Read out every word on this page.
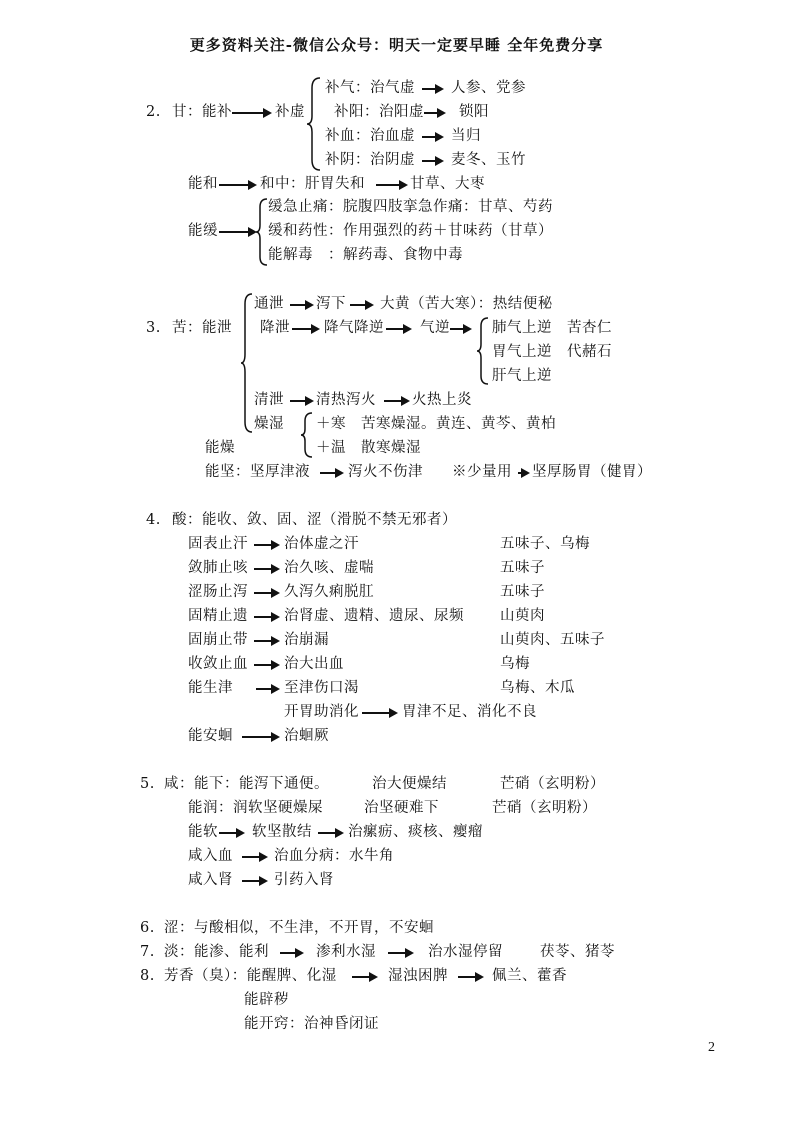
更多资料关注-微信公众号：明天一定要早睡 全年免费分享
2. 甘：能补	补虚
补气：治气虚 人参、党参
补阳：治阳虚 锁阳
补血：治血虚 当归
补阴：治阴虚 麦冬、玉竹
能和	和中：肝胃失和	甘草、大枣
能缓
缓急止痛：脘腹四肢挛急作痛：甘草、芍药
缓和药性：作用强烈的药＋甘味药（甘草）
能解毒　：解药毒、食物中毒
3. 苦：能泄
通泄 泻下 大黄（苦大寒）：热结便秘
降泄 降气降逆 气逆	肺气上逆　苦杏仁
胃气上逆　代赭石
肝气上逆
清泄 清热泻火 火热上炎
燥湿 ＋寒　苦寒燥湿。黄连、黄芩、黄柏
＋温　散寒燥湿
能燥
能坚：坚厚津液	泻火不伤津 ※少量用 坚厚肠胃（健胃）
4. 酸：能收、敛、固、涩（滑脱不禁无邪者）
固表止汗 治体虚之汗	五味子、乌梅
敛肺止咳 治久咳、虚喘	五味子
涩肠止泻 久泻久痢脱肛	五味子
固精止遗 治肾虚、遗精、遗尿、尿频 山萸肉
固崩止带 治崩漏	山萸肉、五味子
收敛止血 治大出血	乌梅
能生津	至津伤口渴	乌梅、木瓜
开胃助消化	胃津不足、消化不良
能安蛔	治蛔厥
5. 咸：能下：能泻下通便。	治大便燥结	芒硝（玄明粉）
能润：润软坚硬燥屎	治坚硬难下	芒硝（玄明粉）
能软 软坚散结 治瘰疬、痰核、瘿瘤
咸入血	治血分病：水牛角
咸入肾	引药入肾
6. 涩：与酸相似，不生津，不开胃，不安蛔
7. 淡：能渗、能利	渗利水湿	治水湿停留	茯苓、猪苓
8. 芳香（臭）：能醒脾、化湿	湿浊困脾	佩兰、藿香
能辟秽
能开窍：治神昏闭证
2
